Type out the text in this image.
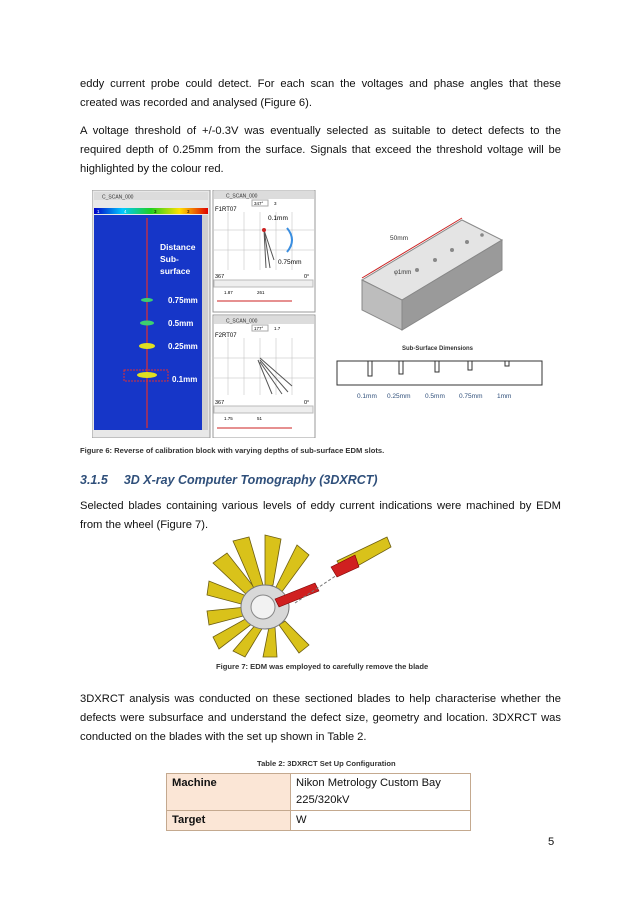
eddy current probe could detect. For each scan the voltages and phase angles that these created was recorded and analysed (Figure 6).

A voltage threshold of +/-0.3V was eventually selected as suitable to detect defects to the required depth of 0.25mm from the surface. Signals that exceed the threshold voltage will be highlighted by the colour red.

C_SCAN_000
1	4	3	3
Distance
Sub-
surface
0.75mm
0.5mm
0.25mm
0.1mm
C_SCAN_000
347° 3
F1RT07
0.1mm
0.75mm
367	0°
1.87	261
C_SCAN_000
177° 1.7
F2RT07
367	0°
1.75	51
50mm
φ1mm
Sub-Surface Dimensions
0.1mm 0.25mm 0.5mm 0.75mm 1mm

Figure 6: Reverse of calibration block with varying depths of sub-surface EDM slots.

3.1.5 3D X-ray Computer Tomography (3DXRCT)

Selected blades containing various levels of eddy current indications were machined by EDM from the wheel (Figure 7).

Figure 7: EDM was employed to carefully remove the blade

3DXRCT analysis was conducted on these sectioned blades to help characterise whether the defects were subsurface and understand the defect size, geometry and location. 3DXRCT was conducted on the blades with the set up shown in Table 2.

Table 2: 3DXRCT Set Up Configuration

Machine	Nikon Metrology Custom Bay 225/320kV
Target	W
5
